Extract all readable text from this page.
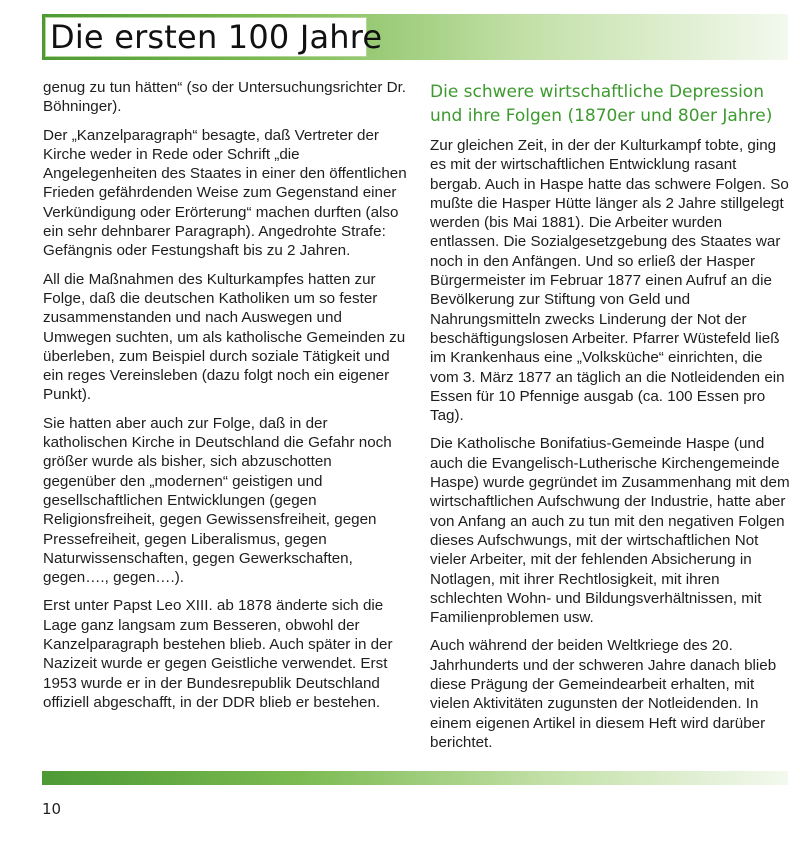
Die ersten 100 Jahre

genug zu tun hätten“ (so der Untersuchungsrichter Dr. Böhninger).

Der „Kanzelparagraph“ besagte, daß Vertreter der Kirche weder in Rede oder Schrift „die Angelegenheiten des Staates in einer den öffentlichen Frieden gefährdenden Weise zum Gegenstand einer Verkündigung oder Erörterung“ machen durften (also ein sehr dehnbarer Paragraph). Angedrohte Strafe: Gefängnis oder Festungshaft bis zu 2 Jahren.

All die Maßnahmen des Kulturkampfes hatten zur Folge, daß die deutschen Katholiken um so fester zusammenstanden und nach Auswegen und Umwegen suchten, um als katholische Gemeinden zu überleben, zum Beispiel durch soziale Tätigkeit und ein reges Vereinsleben (dazu folgt noch ein eigener Punkt).

Sie hatten aber auch zur Folge, daß in der katholischen Kirche in Deutschland die Gefahr noch größer wurde als bisher, sich abzuschotten gegenüber den „modernen“ geistigen und gesellschaftlichen Entwicklungen (gegen Religionsfreiheit, gegen Gewissensfreiheit, gegen Pressefreiheit, gegen Liberalismus, gegen Naturwissenschaften, gegen Gewerkschaften, gegen…., gegen….).

Erst unter Papst Leo XIII. ab 1878 änderte sich die Lage ganz langsam zum Besseren, obwohl der Kanzelparagraph bestehen blieb. Auch später in der Nazizeit wurde er gegen Geistliche verwendet. Erst 1953 wurde er in der Bundesrepublik Deutschland offiziell abgeschafft, in der DDR blieb er bestehen.

Die schwere wirtschaftliche Depression und ihre Folgen (1870er und 80er Jahre)

Zur gleichen Zeit, in der der Kulturkampf tobte, ging es mit der wirtschaftlichen Entwicklung rasant bergab. Auch in Haspe hatte das schwere Folgen. So mußte die Hasper Hütte länger als 2 Jahre stillgelegt werden (bis Mai 1881). Die Arbeiter wurden entlassen. Die Sozialgesetzgebung des Staates war noch in den Anfängen. Und so erließ der Hasper Bürgermeister im Februar 1877 einen Aufruf an die Bevölkerung zur Stiftung von Geld und Nahrungsmitteln zwecks Linderung der Not der beschäftigungslosen Arbeiter. Pfarrer Wüstefeld ließ im Krankenhaus eine „Volksküche“ einrichten, die vom 3. März 1877 an täglich an die Notleidenden ein Essen für 10 Pfennige ausgab (ca. 100 Essen pro Tag).

Die Katholische Bonifatius-Gemeinde Haspe (und auch die Evangelisch-Lutherische Kirchengemeinde Haspe) wurde gegründet im Zusammenhang mit dem wirtschaftlichen Aufschwung der Industrie, hatte aber von Anfang an auch zu tun mit den negativen Folgen dieses Aufschwungs, mit der wirtschaftlichen Not vieler Arbeiter, mit der fehlenden Absicherung in Notlagen, mit ihrer Rechtlosigkeit, mit ihren schlechten Wohn- und Bildungsverhältnissen, mit Familienproblemen usw.

Auch während der beiden Weltkriege des 20. Jahrhunderts und der schweren Jahre danach blieb diese Prägung der Gemeindearbeit erhalten, mit vielen Aktivitäten zugunsten der Notleidenden. In einem eigenen Artikel in diesem Heft wird darüber berichtet.

10
